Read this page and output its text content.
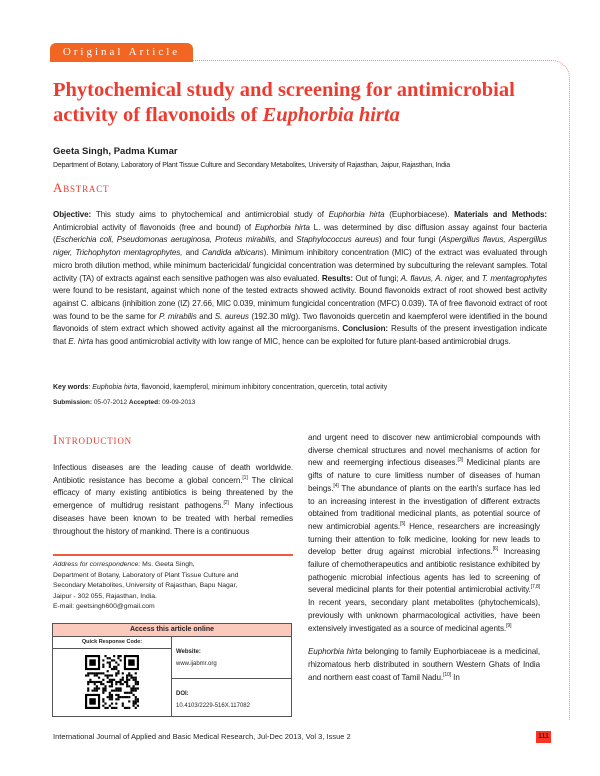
Original Article
Phytochemical study and screening for antimicrobial
activity of flavonoids of Euphorbia hirta
Geeta Singh, Padma Kumar
Department of Botany, Laboratory of Plant Tissue Culture and Secondary Metabolites, University of Rajasthan, Jaipur, Rajasthan, India
Abstract

Objective: This study aims to phytochemical and antimicrobial study of Euphorbia hirta (Euphorbiacese). Materials and Methods: Antimicrobial activity of flavonoids (free and bound) of Euphorbia hirta L. was determined by disc diffusion assay against four bacteria (Escherichia coli, Pseudomonas aeruginosa, Proteus mirabilis, and Staphylococcus aureus) and four fungi (Aspergillus flavus, Aspergillus niger, Trichophyton mentagrophytes, and Candida albicans). Minimum inhibitory concentration (MIC) of the extract was evaluated through micro broth dilution method, while minimum bactericidal/ fungicidal concentration was determined by subculturing the relevant samples. Total activity (TA) of extracts against each sensitive pathogen was also evaluated. Results: Out of fungi; A. flavus, A. niger, and T. mentagrophytes were found to be resistant, against which none of the tested extracts showed activity. Bound flavonoids extract of root showed best activity against C. albicans (inhibition zone (IZ) 27.66, MIC 0.039, minimum fungicidal concentration (MFC) 0.039). TA of free flavonoid extract of root was found to be the same for P. mirabilis and S. aureus (192.30 ml/g). Two flavonoids quercetin and kaempferol were identified in the bound flavonoids of stem extract which showed activity against all the microorganisms. Conclusion: Results of the present investigation indicate that E. hirta has good antimicrobial activity with low range of MIC, hence can be exploited for future plant-based antimicrobial drugs.

Key words: Euphobia hirta, flavonoid, kaempferol, minimum inhibitory concentration, quercetin, total activity
Submission: 05-07-2012 Accepted: 09-09-2013
Introduction

Infectious diseases are the leading cause of death worldwide. Antibiotic resistance has become a global concern.[1] The clinical efficacy of many existing antibiotics is being threatened by the emergence of multidrug resistant pathogens.[2] Many infectious diseases have been known to be treated with herbal remedies throughout the history of mankind. There is a continuous

and urgent need to discover new antimicrobial compounds with diverse chemical structures and novel mechanisms of action for new and reemerging infectious diseases.[3] Medicinal plants are gifts of nature to cure limitless number of diseases of human beings.[4] The abundance of plants on the earth's surface has led to an increasing interest in the investigation of different extracts obtained from traditional medicinal plants, as potential source of new antimicrobial agents.[5] Hence, researchers are increasingly turning their attention to folk medicine, looking for new leads to develop better drug against microbial infections.[6] Increasing failure of chemotherapeutics and antibiotic resistance exhibited by pathogenic microbial infectious agents has led to screening of several medicinal plants for their potential antimicrobial activity.[7,8] In recent years, secondary plant metabolites (phytochemicals), previously with unknown pharmacological activities, have been extensively investigated as a source of medicinal agents.[9]

Euphorbia hirta belonging to family Euphorbiaceae is a medicinal, rhizomatous herb distributed in southern Western Ghats of India and northern east coast of Tamil Nadu.[10] In

Address for correspondence: Ms. Geeta Singh,
Department of Botany, Laboratory of Plant Tissue Culture and
Secondary Metabolites, University of Rajasthan, Bapu Nagar,
Jaipur - 302 055, Rajasthan, India.
E-mail: geetsingh600@gmail.com
Access this article online
Quick Response Code:	Website:

www.ijabmr.org

DOI:

10.4103/2229-516X.117082
International Journal of Applied and Basic Medical Research, Jul-Dec 2013, Vol 3, Issue 2	111
